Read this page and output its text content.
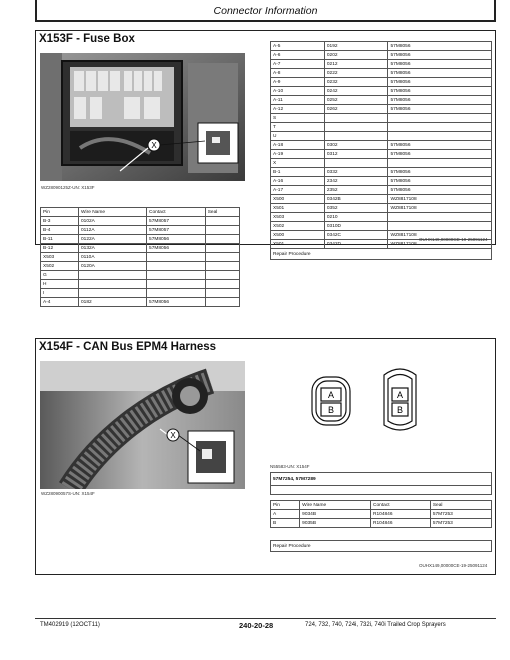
Connector Information
X153F - Fuse Box
X
WZ28090125Z-UN: X153F
Pin	Wire Name	Contact	Seal
B-3	0102A	57M8057	
B-4	0112A	57M8057	
B-11	0122A	57M8056	
B-12	0132A	57M8056	
X503	0110A		
X502	0120A		
G			
H			
I			
A-4	0182	57M8056	
A-5	0192	57M8056
A-6	0202	57M8056
A-7	0212	57M8056
A-8	0222	57M8056
A-9	0232	57M8056
A-10	0242	57M8056
A-11	0252	57M8056
A-12	0262	57M8056
S		
T		
U		
A-18	0302	57M8056
A-19	0312	57M8056
X		
B-1	0332	57M8056
A-16	2342	57M8056
A-17	2352	57M8056
X500	0342B	WZ8817108
X501	0352	WZ8817108
X503	0210	
X502	0310D	
X500	0342C	WZ8817108
X501	0342D	WZ8817108
Repair Procedure		
OUHX149,00000CD-19-25091124
X154F - CAN Bus EPM4 Harness
X
WZ28090057S-UN: X154F
A
B
A
B
N55583-UN: X154F
57M7254, 57M7289

Pin	Wire Name	Contact	Seal
A	9034B	R104846	57M7253
B	9035B	R104846	57M7253
Repair Procedure
OUHX149,00000CE-19-25091124
TM402919 (12OCT11)	240-20-28	724, 732, 740, 724i, 732i, 740i Trailed Crop Sprayers
